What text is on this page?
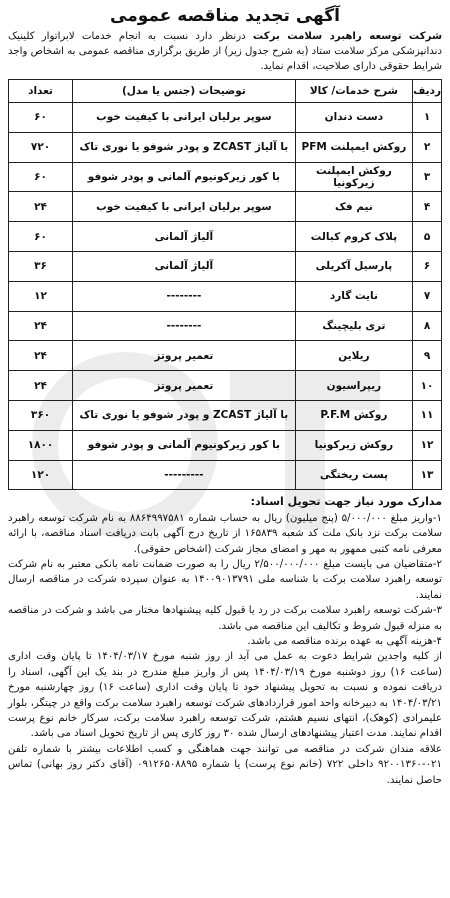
آگهی تجدید مناقصه عمومی

شرکت توسعه راهبرد سلامت برکت درنظر دارد نسبت به انجام خدمات لابراتوار کلینیک دندانپزشکی مرکز سلامت ستاد (به شرح جدول زیر) از طریق برگزاری مناقصه عمومی به اشخاص واجد شرایط حقوقی دارای صلاحیت، اقدام نماید.

ردیف	شرح خدمات/ کالا	توضیحات (جنس یا مدل)	تعداد
۱	دست دندان	سوپر برلیان ایرانی با کیفیت خوب	۶۰
۲	روکش ایمپلنت PFM	با آلیاژ ZCAST و پودر شوفو یا نوری تاک	۷۲۰
۳	روکش ایمپلنت زیرکونیا	با کور زیرکونیوم آلمانی و پودر شوفو	۶۰
۴	نیم فک	سوپر برلیان ایرانی با کیفیت خوب	۲۴
۵	پلاک کروم کبالت	آلیاژ آلمانی	۶۰
۶	پارسیل آکریلی	آلیاژ آلمانی	۳۶
۷	نایت گارد	--------	۱۲
۸	تری بلیچینگ	--------	۲۴
۹	ریلاین	تعمیر پروتز	۲۴
۱۰	ریپراسیون	تعمیر پروتز	۲۴
۱۱	روکش P.F.M	با آلیاژ ZCAST و پودر شوفو یا نوری تاک	۳۶۰
۱۲	روکش زیرکونیا	با کور زیرکونیوم آلمانی و پودر شوفو	۱۸۰۰
۱۳	پست ریختگی	---------	۱۲۰
مدارک مورد نیاز جهت تحویل اسناد:

۱-واریز مبلغ ۵/۰۰۰/۰۰۰ (پنج میلیون) ریال به حساب شماره ۸۸۶۴۹۹۷۵۸۱ به نام شرکت توسعه راهبرد سلامت برکت نزد بانک ملت کد شعبه ۱۶۵۸۳۹ از تاریخ درج آگهی بابت دریافت اسناد مناقصه، با ارائه معرفی نامه کتبی ممهور به مهر و امضای مجاز شرکت (اشخاص حقوقی).

۲-متقاضیان می بایست مبلغ ۲/۵۰۰/۰۰۰/۰۰۰ ریال را به صورت ضمانت نامه بانکی معتبر به نام شرکت توسعه راهبرد سلامت برکت با شناسه ملی ۱۴۰۰۹۰۱۳۷۹۱ به عنوان سپرده شرکت در مناقصه ارسال نمایند.

۳-شرکت توسعه راهبرد سلامت برکت در رد یا قبول کلیه پیشنهادها مختار می باشد و شرکت در مناقصه به منزله قبول شروط و تکالیف این مناقصه می باشد.

۴-هزینه آگهی به عهده برنده مناقصه می باشد.

از کلیه واجدین شرایط دعوت به عمل می آید از روز شنبه مورخ ۱۴۰۴/۰۳/۱۷ تا پایان وقت اداری (ساعت ۱۶) روز دوشنبه مورخ ۱۴۰۴/۰۳/۱۹ پس از واریز مبلغ مندرج در بند یک این آگهی، اسناد را دریافت نموده و نسبت به تحویل پیشنهاد خود تا پایان وقت اداری (ساعت ۱۶) روز چهارشنبه مورخ ۱۴۰۴/۰۳/۲۱ به دبیرخانه واحد امور قراردادهای شرکت توسعه راهبرد سلامت برکت واقع در چیتگر، بلوار علیمرادی (کوهک)، انتهای نسیم هشتم، شرکت توسعه راهبرد سلامت برکت، سرکار خانم نوع پرست اقدام نمایند. مدت اعتبار پیشنهادهای ارسال شده ۳۰ روز کاری پس از تاریخ تحویل اسناد می باشد.

علاقه مندان شرکت در مناقصه می توانند جهت هماهنگی و کسب اطلاعات بیشتر با شماره تلفن ۰۲۱-۹۲۰۰۱۳۶۰ داخلی ۷۲۲ (خانم نوع پرست) یا شماره ۰۹۱۲۶۵۰۸۸۹۵ (آقای دکتر روز بهانی) تماس حاصل نمایند.
